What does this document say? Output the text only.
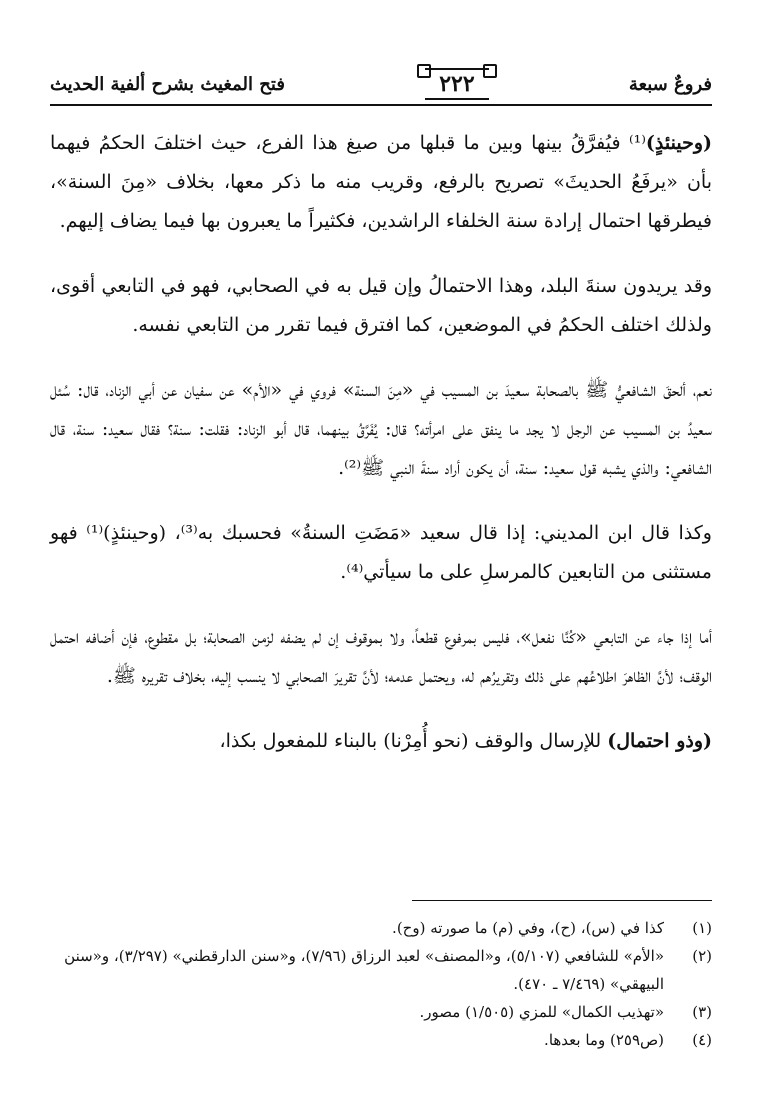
فتح المغيث بشرح ألفية الحديث	٢٢٢	فروعٌ سبعة

(وحينئذٍ)⁽¹⁾ فيُفرَّقُ بينها وبين ما قبلها من صيغ هذا الفرع، حيث اختلفَ الحكمُ فيهما بأن «يرفَعُ الحديثَ» تصريح بالرفع، وقريب منه ما ذكر معها، بخلاف «مِنَ السنة»، فيطرقها احتمال إرادة سنة الخلفاء الراشدين، فكثيراً ما يعبرون بها فيما يضاف إليهم.

وقد يريدون سنةَ البلد، وهذا الاحتمالُ وإن قيل به في الصحابي، فهو في التابعي أقوى، ولذلك اختلف الحكمُ في الموضعين، كما افترق فيما تقرر من التابعي نفسه.

نعم، ألحقَ الشافعيُّ ﷺ بالصحابة سعيدَ بن المسيب في «مِنَ السنة» فروي في «الأم» عن سفيان عن أبي الزناد، قال: سُئل سعيدُ بن المسيب عن الرجل لا يجد ما ينفق على امرأته؟ قال: يُفَرَّقُ بينهما، قال أبو الزناد: فقلت: سنة؟ فقال سعيد: سنة، قال الشافعي: والذي يشبه قول سعيد: سنة، أن يكون أراد سنةَ النبي ﷺ⁽²⁾.

وكذا قال ابن المديني: إذا قال سعيد «مَضَتِ السنةُ» فحسبك به⁽³⁾، (وحينئذٍ)⁽¹⁾ فهو مستثنى من التابعين كالمرسلِ على ما سيأتي⁽⁴⁾.

أما إذا جاء عن التابعي «كُنَّا نفعل»، فليس بمرفوع قطعاً، ولا بموقوف إن لم يضفه لزمن الصحابة؛ بل مقطوع، فإن أضافه احتمل الوقف؛ لأنَّ الظاهرَ اطلاعُهم على ذلك وتقريرُهم له، ويحتمل عدمه؛ لأنَّ تقريرَ الصحابي لا ينسب إليه، بخلاف تقريره ﷺ.

(وذو احتمال) للإرسال والوقف (نحو أُمِرْنا) بالبناء للمفعول بكذا،

(١)
كذا في (س)، (ح)، وفي (م) ما صورته (وح).
(٢)
«الأم» للشافعي (٥/١٠٧)، و«المصنف» لعبد الرزاق (٧/٩٦)، و«سنن الدارقطني» (٣/٢٩٧)، و«سنن البيهقي» (٧/٤٦٩ ـ ٤٧٠).
(٣)
«تهذيب الكمال» للمزي (١/٥٠٥) مصور.
(٤)
(ص٢٥٩) وما بعدها.
